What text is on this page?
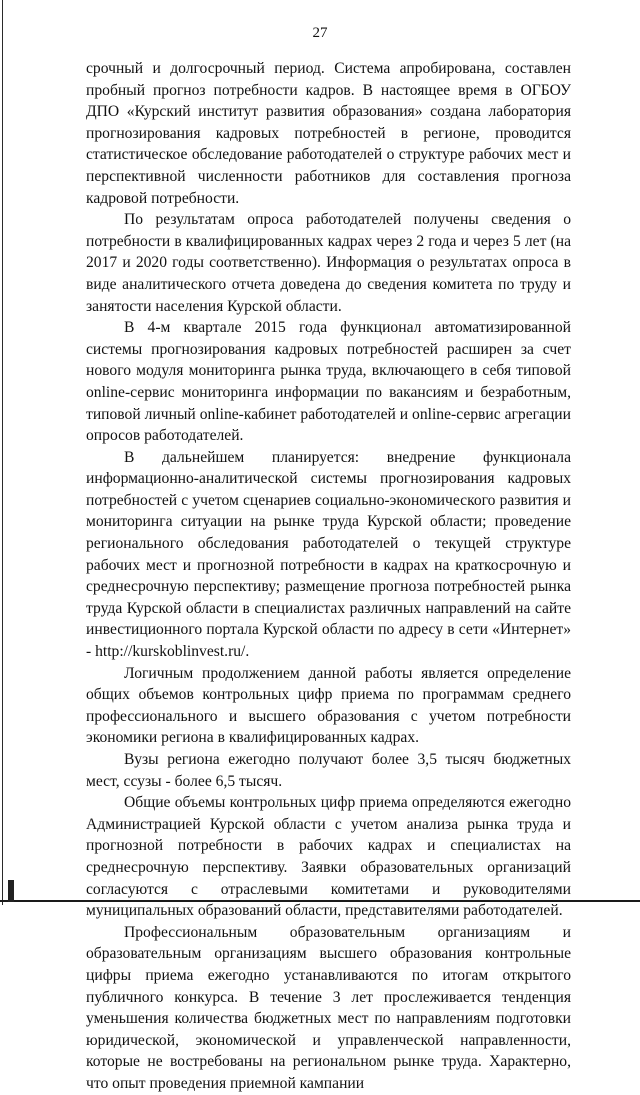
27

срочный и долгосрочный период. Система апробирована, составлен пробный прогноз потребности кадров. В настоящее время в ОГБОУ ДПО «Курский институт развития образования» создана лаборатория прогнозирования кадровых потребностей в регионе, проводится статистическое обследование работодателей о структуре рабочих мест и перспективной численности работников для составления прогноза кадровой потребности.

По результатам опроса работодателей получены сведения о потребности в квалифицированных кадрах через 2 года и через 5 лет (на 2017 и 2020 годы соответственно). Информация о результатах опроса в виде аналитического отчета доведена до сведения комитета по труду и занятости населения Курской области.

В 4-м квартале 2015 года функционал автоматизированной системы прогнозирования кадровых потребностей расширен за счет нового модуля мониторинга рынка труда, включающего в себя типовой online-сервис мониторинга информации по вакансиям и безработным, типовой личный online-кабинет работодателей и online-сервис агрегации опросов работодателей.

В дальнейшем планируется: внедрение функционала информационно-аналитической системы прогнозирования кадровых потребностей с учетом сценариев социально-экономического развития и мониторинга ситуации на рынке труда Курской области; проведение регионального обследования работодателей о текущей структуре рабочих мест и прогнозной потребности в кадрах на краткосрочную и среднесрочную перспективу; размещение прогноза потребностей рынка труда Курской области в специалистах различных направлений на сайте инвестиционного портала Курской области по адресу в сети «Интернет» - http://kurskoblinvest.ru/.

Логичным продолжением данной работы является определение общих объемов контрольных цифр приема по программам среднего профессионального и высшего образования с учетом потребности экономики региона в квалифицированных кадрах.

Вузы региона ежегодно получают более 3,5 тысяч бюджетных мест, ссузы - более 6,5 тысяч.

Общие объемы контрольных цифр приема определяются ежегодно Администрацией Курской области с учетом анализа рынка труда и прогнозной потребности в рабочих кадрах и специалистах на среднесрочную перспективу. Заявки образовательных организаций согласуются с отраслевыми комитетами и руководителями муниципальных образований области, представителями работодателей.

Профессиональным образовательным организациям и образовательным организациям высшего образования контрольные цифры приема ежегодно устанавливаются по итогам открытого публичного конкурса. В течение 3 лет прослеживается тенденция уменьшения количества бюджетных мест по направлениям подготовки юридической, экономической и управленческой направленности, которые не востребованы на региональном рынке труда. Характерно, что опыт проведения приемной кампании
